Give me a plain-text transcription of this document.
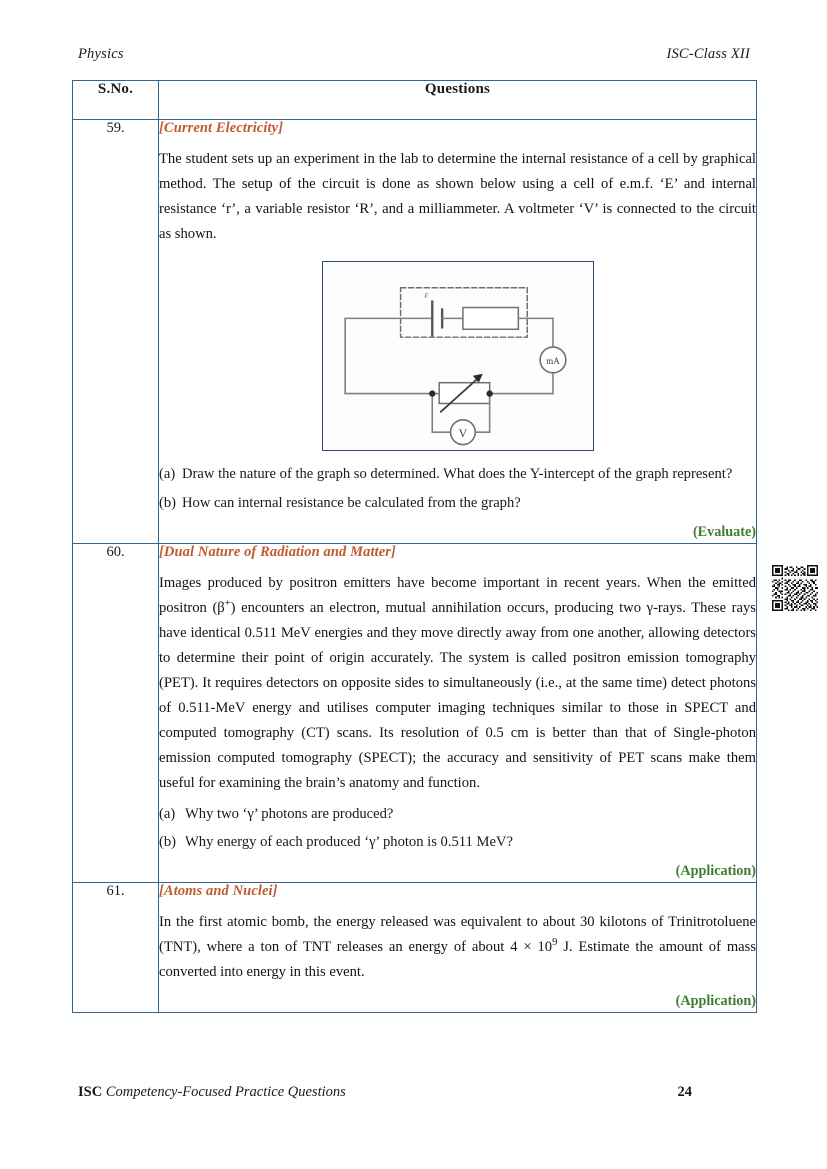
Physics	ISC-Class XII
S.No.	Questions
59.	[Current Electricity]

The student sets up an experiment in the lab to determine the internal resistance of a cell by graphical method. The setup of the circuit is done as shown below using a cell of e.m.f. ‘E’ and internal resistance ‘r’, a variable resistor ‘R’, and a milliammeter. A voltmeter ‘V’ is connected to the circuit as shown.

mA
V
ε
(a) Draw the nature of the graph so determined. What does the Y-intercept of the graph represent?
(b) How can internal resistance be calculated from the graph?
(Evaluate)

60.	[Dual Nature of Radiation and Matter]

Images produced by positron emitters have become important in recent years. When the emitted positron (β+) encounters an electron, mutual annihilation occurs, producing two γ-rays. These rays have identical 0.511 MeV energies and they move directly away from one another, allowing detectors to determine their point of origin accurately. The system is called positron emission tomography (PET). It requires detectors on opposite sides to simultaneously (i.e., at the same time) detect photons of 0.511-MeV energy and utilises computer imaging techniques similar to those in SPECT and computed tomography (CT) scans. Its resolution of 0.5 cm is better than that of Single-photon emission computed tomography (SPECT); the accuracy and sensitivity of PET scans make them useful for examining the brain’s anatomy and function.

(a) Why two ‘γ’ photons are produced?
(b) Why energy of each produced ‘γ’ photon is 0.511 MeV?
(Application)

61.	[Atoms and Nuclei]

In the first atomic bomb, the energy released was equivalent to about 30 kilotons of Trinitrotoluene (TNT), where a ton of TNT releases an energy of about $4 \times 10^9$ J. Estimate the amount of mass converted into energy in this event.

(Application)
ISC Competency-Focused Practice Questions	24
